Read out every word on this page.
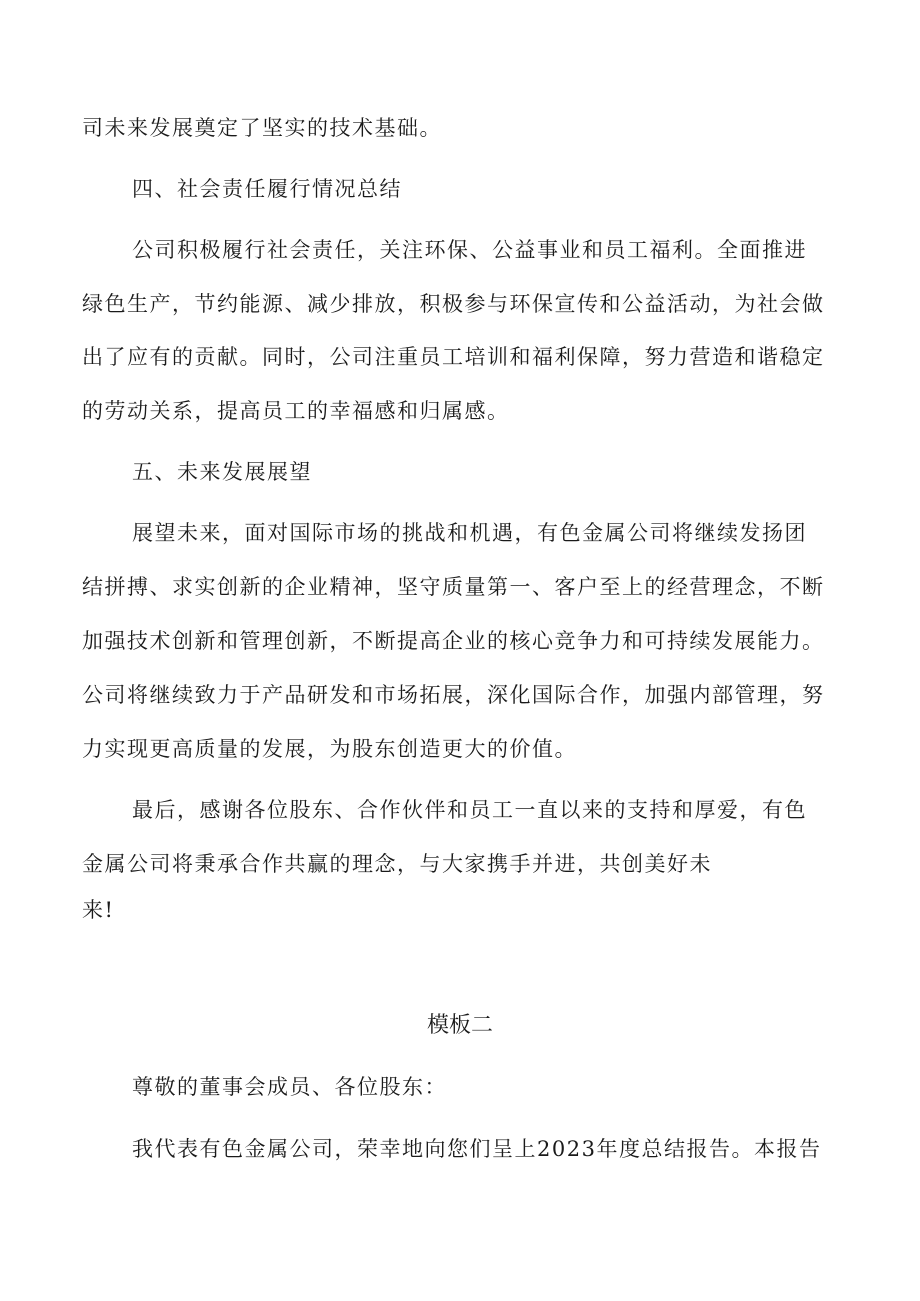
司未来发展奠定了坚实的技术基础。
四、社会责任履行情况总结
公司积极履行社会责任，关注环保、公益事业和员工福利。全面推进
绿色生产，节约能源、减少排放，积极参与环保宣传和公益活动，为社会做
出了应有的贡献。同时，公司注重员工培训和福利保障，努力营造和谐稳定
的劳动关系，提高员工的幸福感和归属感。
五、未来发展展望
展望未来，面对国际市场的挑战和机遇，有色金属公司将继续发扬团
结拼搏、求实创新的企业精神，坚守质量第一、客户至上的经营理念，不断
加强技术创新和管理创新，不断提高企业的核心竞争力和可持续发展能力。
公司将继续致力于产品研发和市场拓展，深化国际合作，加强内部管理，努
力实现更高质量的发展，为股东创造更大的价值。
最后，感谢各位股东、合作伙伴和员工一直以来的支持和厚爱，有色
金属公司将秉承合作共赢的理念，与大家携手并进，共创美好未
来!
模板二
尊敬的董事会成员、各位股东：
我代表有色金属公司，荣幸地向您们呈上2023年度总结报告。本报告
